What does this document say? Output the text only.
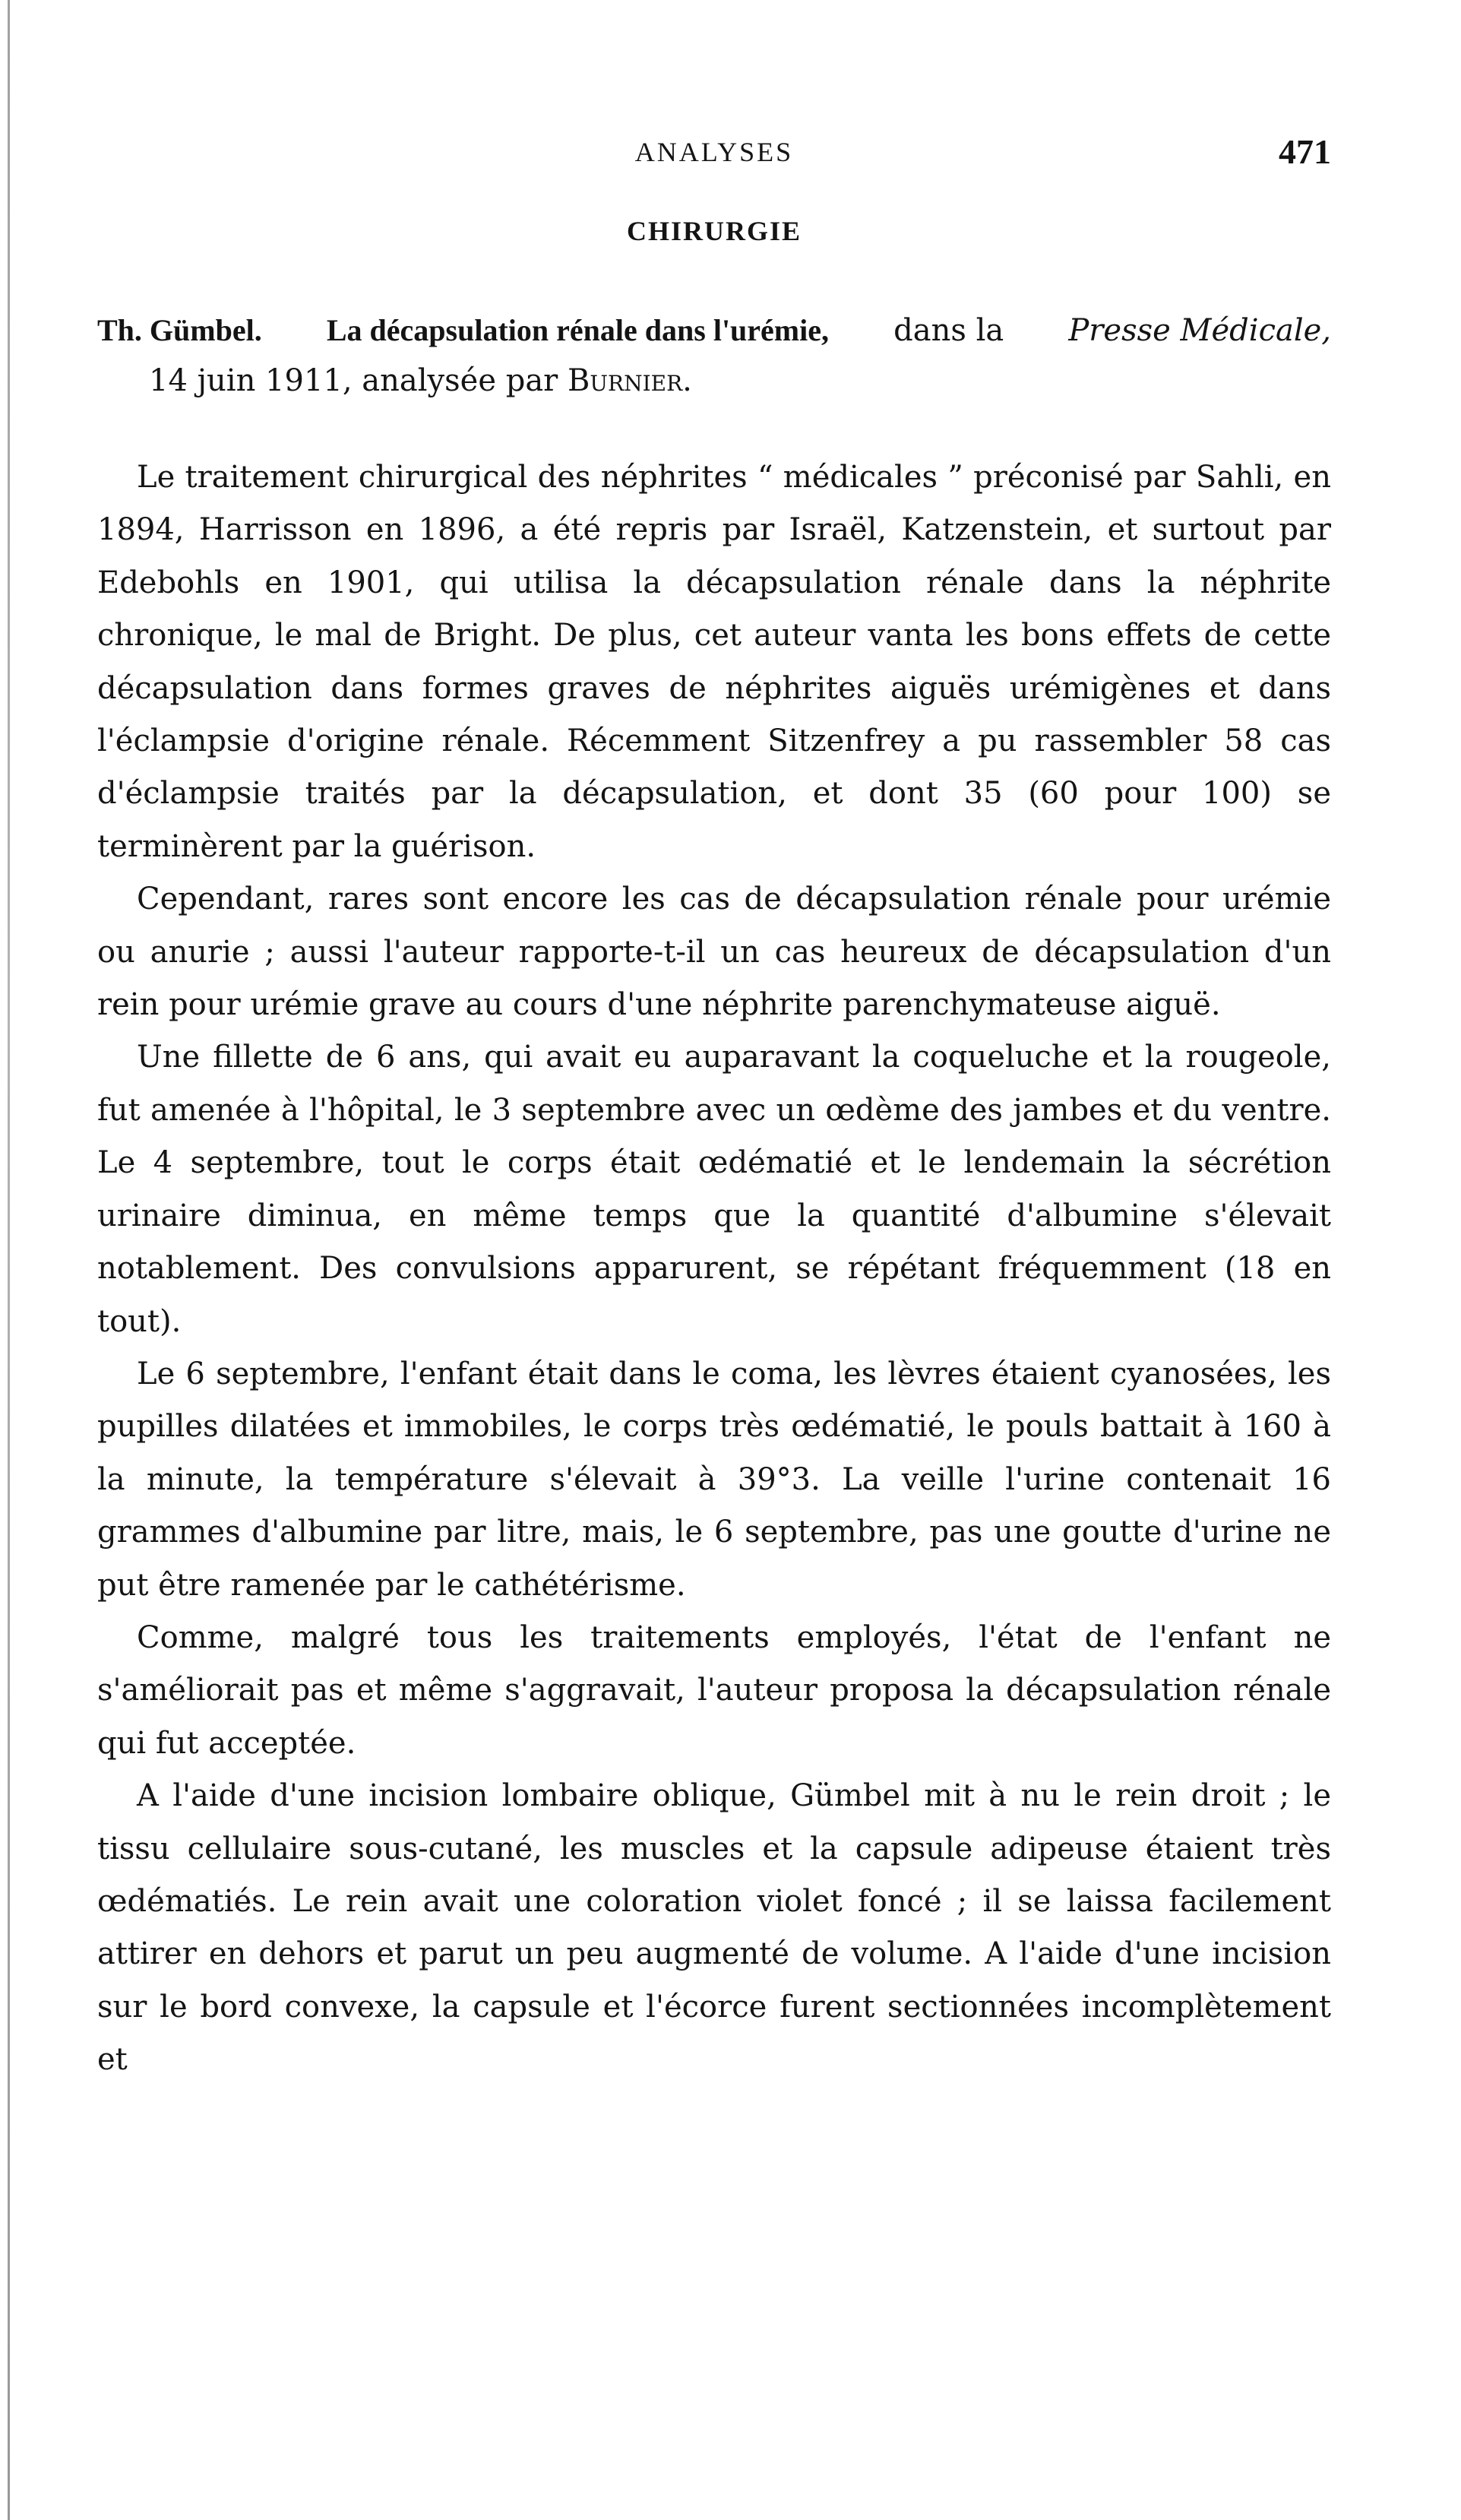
ANALYSES	471
CHIRURGIE
Th. Gümbel. La décapsulation rénale dans l'urémie, dans la Presse Médicale,
14 juin 1911, analysée par Burnier.

Le traitement chirurgical des néphrites “ médicales ” préconisé par Sahli, en 1894, Harrisson en 1896, a été repris par Israël, Katzenstein, et surtout par Edebohls en 1901, qui utilisa la décapsulation rénale dans la néphrite chronique, le mal de Bright. De plus, cet auteur vanta les bons effets de cette décapsulation dans formes graves de néphrites aiguës urémigènes et dans l'éclampsie d'origine rénale. Récemment Sitzenfrey a pu rassembler 58 cas d'éclampsie traités par la décapsulation, et dont 35 (60 pour 100) se terminèrent par la guérison.

Cependant, rares sont encore les cas de décapsulation rénale pour urémie ou anurie ; aussi l'auteur rapporte-t-il un cas heureux de décapsulation d'un rein pour urémie grave au cours d'une néphrite parenchymateuse aiguë.

Une fillette de 6 ans, qui avait eu auparavant la coqueluche et la rougeole, fut amenée à l'hôpital, le 3 septembre avec un œdème des jambes et du ventre. Le 4 septembre, tout le corps était œdématié et le lendemain la sécrétion urinaire diminua, en même temps que la quantité d'albumine s'élevait notablement. Des convulsions apparurent, se répétant fréquemment (18 en tout).

Le 6 septembre, l'enfant était dans le coma, les lèvres étaient cyanosées, les pupilles dilatées et immobiles, le corps très œdématié, le pouls battait à 160 à la minute, la température s'élevait à 39°3. La veille l'urine contenait 16 grammes d'albumine par litre, mais, le 6 septembre, pas une goutte d'urine ne put être ramenée par le cathétérisme.

Comme, malgré tous les traitements employés, l'état de l'enfant ne s'améliorait pas et même s'aggravait, l'auteur proposa la décapsulation rénale qui fut acceptée.

A l'aide d'une incision lombaire oblique, Gümbel mit à nu le rein droit ; le tissu cellulaire sous-cutané, les muscles et la capsule adipeuse étaient très œdématiés. Le rein avait une coloration violet foncé ; il se laissa facilement attirer en dehors et parut un peu augmenté de volume. A l'aide d'une incision sur le bord convexe, la capsule et l'écorce furent sectionnées incomplètement et
